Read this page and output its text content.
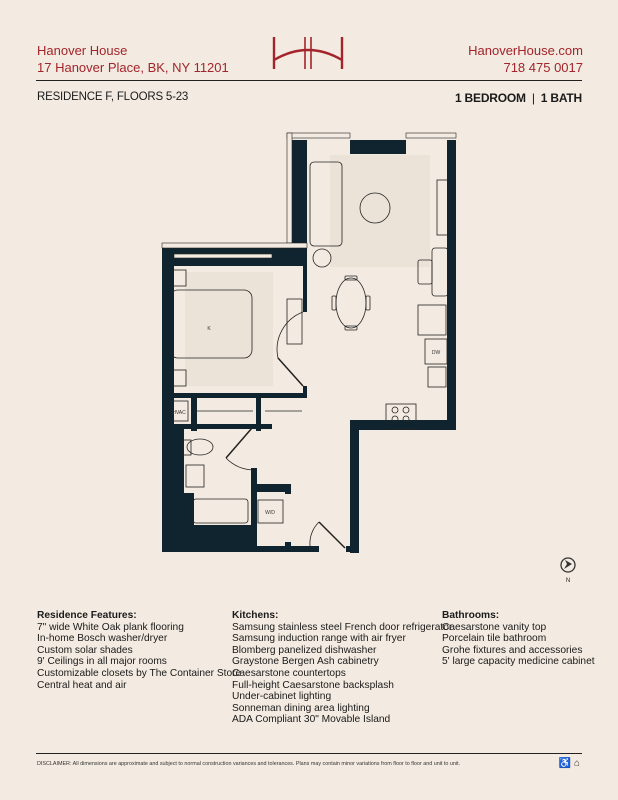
Hanover House
17 Hanover Place, BK, NY 11201
HanoverHouse.com
718 475 0017
RESIDENCE F, FLOORS 5-23	1 BEDROOM | 1 BATH
K
HVAC
DW
W/D
N
Residence Features:
7" wide White Oak plank flooring
In-home Bosch washer/dryer
Custom solar shades
9' Ceilings in all major rooms
Customizable closets by The Container Store
Central heat and air
Kitchens:
Samsung stainless steel French door refrigerator
Samsung induction range with air fryer
Blomberg panelized dishwasher
Graystone Bergen Ash cabinetry
Caesarstone countertops
Full-height Caesarstone backsplash
Under-cabinet lighting
Sonneman dining area lighting
ADA Compliant 30" Movable Island
Bathrooms:
Caesarstone vanity top
Porcelain tile bathroom
Grohe fixtures and accessories
5' large capacity medicine cabinet
DISCLAIMER: All dimensions are approximate and subject to normal construction variances and tolerances. Plans may contain minor variations from floor to floor and unit to unit.	♿ ⌂
